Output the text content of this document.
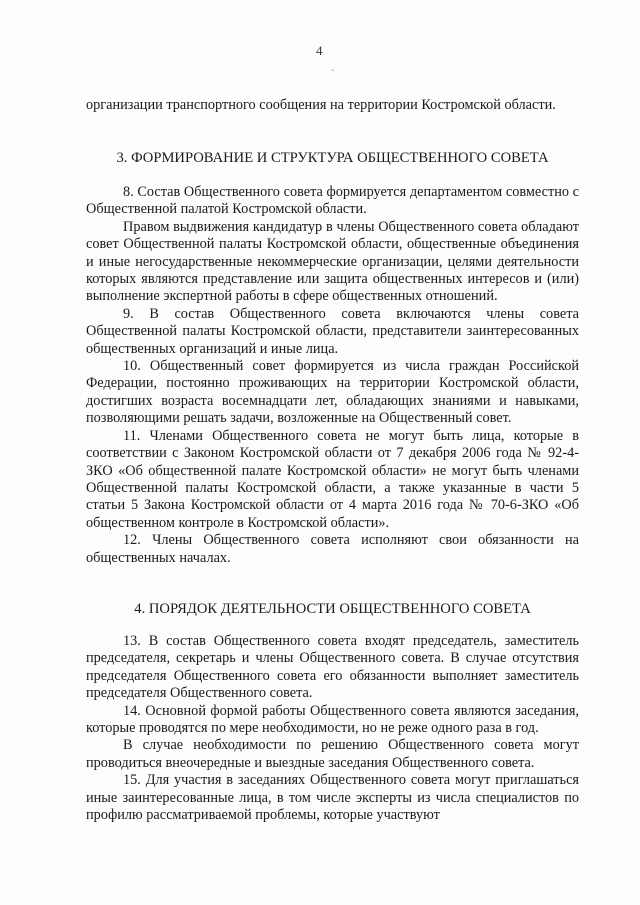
4
`

организации транспортного сообщения на территории Костромской области.

3. ФОРМИРОВАНИЕ И СТРУКТУРА ОБЩЕСТВЕННОГО СОВЕТА

8. Состав Общественного совета формируется департаментом совместно с Общественной палатой Костромской области.

Правом выдвижения кандидатур в члены Общественного совета обладают совет Общественной палаты Костромской области, общественные объединения и иные негосударственные некоммерческие организации, целями деятельности которых являются представление или защита общественных интересов и (или) выполнение экспертной работы в сфере общественных отношений.

9. В состав Общественного совета включаются члены совета Общественной палаты Костромской области, представители заинтересованных общественных организаций и иные лица.

10. Общественный совет формируется из числа граждан Российской Федерации, постоянно проживающих на территории Костромской области, достигших возраста восемнадцати лет, обладающих знаниями и навыками, позволяющими решать задачи, возложенные на Общественный совет.

11. Членами Общественного совета не могут быть лица, которые в соответствии с Законом Костромской области от 7 декабря 2006 года № 92-4-ЗКО «Об общественной палате Костромской области» не могут быть членами Общественной палаты Костромской области, а также указанные в части 5 статьи 5 Закона Костромской области от 4 марта 2016 года № 70-6-ЗКО «Об общественном контроле в Костромской области».

12. Члены Общественного совета исполняют свои обязанности на общественных началах.

4. ПОРЯДОК ДЕЯТЕЛЬНОСТИ ОБЩЕСТВЕННОГО СОВЕТА

13. В состав Общественного совета входят председатель, заместитель председателя, секретарь и члены Общественного совета. В случае отсутствия председателя Общественного совета его обязанности выполняет заместитель председателя Общественного совета.

14. Основной формой работы Общественного совета являются заседания, которые проводятся по мере необходимости, но не реже одного раза в год.

В случае необходимости по решению Общественного совета могут проводиться внеочередные и выездные заседания Общественного совета.

15. Для участия в заседаниях Общественного совета могут приглашаться иные заинтересованные лица, в том числе эксперты из числа специалистов по профилю рассматриваемой проблемы, которые участвуют
